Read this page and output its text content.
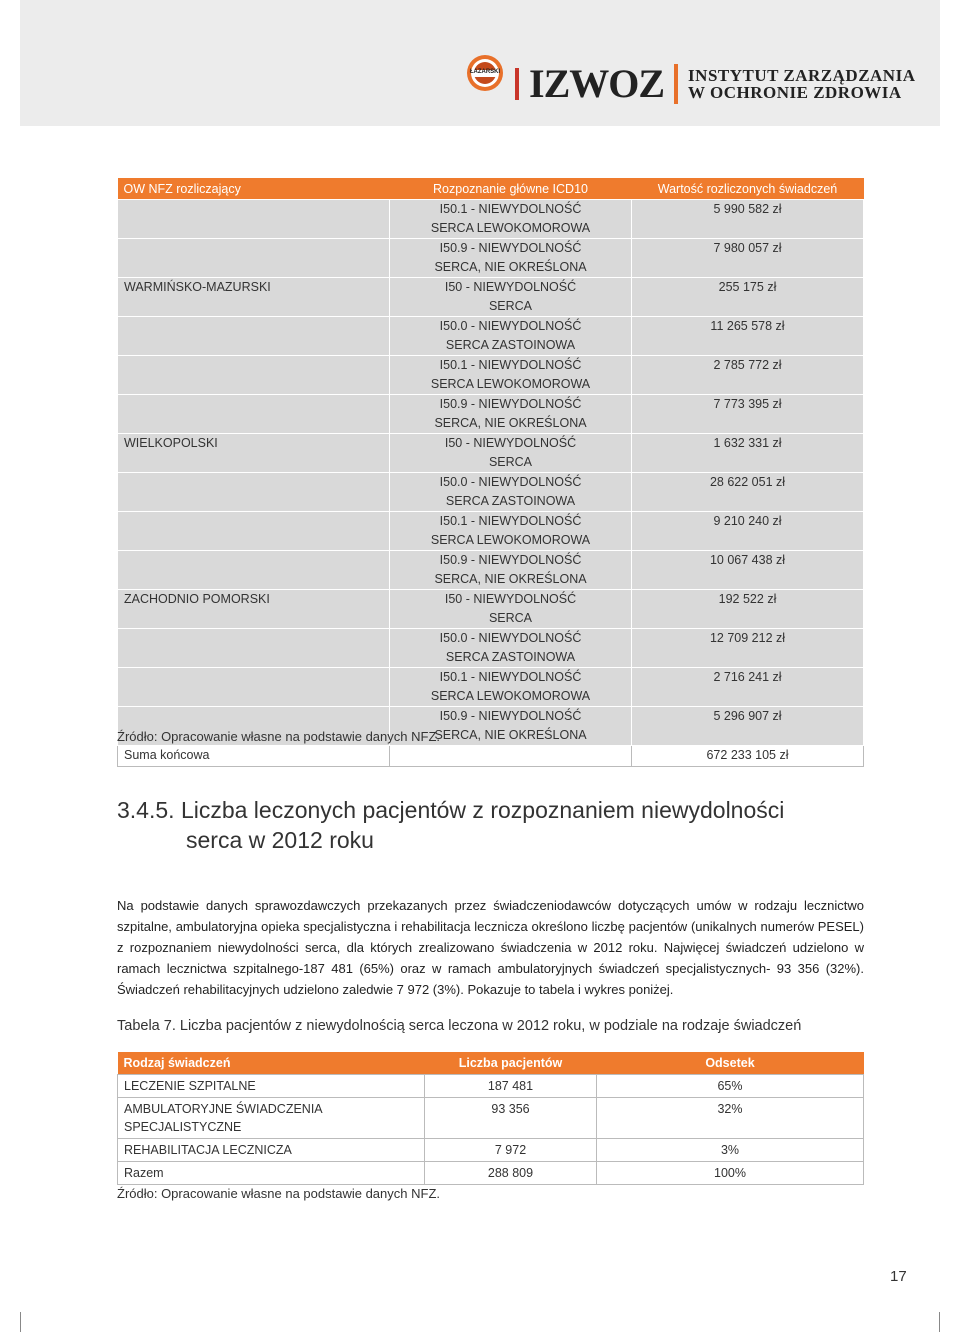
ŁAZARSKI IZWOZ INSTYTUT ZARZĄDZANIA
W OCHRONIE ZDROWIA
OW NFZ rozliczający	Rozpoznanie główne ICD10	Wartość rozliczonych świadczeń
	I50.1 - NIEWYDOLNOŚĆ SERCA LEWOKOMOROWA	5 990 582 zł
	I50.9 - NIEWYDOLNOŚĆ SERCA, NIE OKREŚLONA	7 980 057 zł
WARMIŃSKO-MAZURSKI	I50 - NIEWYDOLNOŚĆ SERCA	255 175 zł
	I50.0 - NIEWYDOLNOŚĆ SERCA ZASTOINOWA	11 265 578 zł
	I50.1 - NIEWYDOLNOŚĆ SERCA LEWOKOMOROWA	2 785 772 zł
	I50.9 - NIEWYDOLNOŚĆ SERCA, NIE OKREŚLONA	7 773 395 zł
WIELKOPOLSKI	I50 - NIEWYDOLNOŚĆ SERCA	1 632 331 zł
	I50.0 - NIEWYDOLNOŚĆ SERCA ZASTOINOWA	28 622 051 zł
	I50.1 - NIEWYDOLNOŚĆ SERCA LEWOKOMOROWA	9 210 240 zł
	I50.9 - NIEWYDOLNOŚĆ SERCA, NIE OKREŚLONA	10 067 438 zł
ZACHODNIO POMORSKI	I50 - NIEWYDOLNOŚĆ SERCA	192 522 zł
	I50.0 - NIEWYDOLNOŚĆ SERCA ZASTOINOWA	12 709 212 zł
	I50.1 - NIEWYDOLNOŚĆ SERCA LEWOKOMOROWA	2 716 241 zł
	I50.9 - NIEWYDOLNOŚĆ SERCA, NIE OKREŚLONA	5 296 907 zł
Suma końcowa		672 233 105 zł
Źródło: Opracowanie własne na podstawie danych NFZ.
3.4.5. Liczba leczonych pacjentów z rozpoznaniem niewydolności
serca w 2012 roku
Na podstawie danych sprawozdawczych przekazanych przez świadczeniodawców dotyczących umów w rodzaju lecznictwo szpitalne, ambulatoryjna opieka specjalistyczna i rehabilitacja lecznicza określono liczbę pacjentów (unikalnych numerów PESEL) z rozpoznaniem niewydolności serca, dla których zrealizowano świadczenia w 2012 roku. Najwięcej świadczeń udzielono w ramach lecznictwa szpitalnego-187 481 (65%) oraz w ramach ambulatoryjnych świadczeń specjalistycznych- 93 356 (32%). Świadczeń rehabilitacyjnych udzielono zaledwie 7 972 (3%). Pokazuje to tabela i wykres poniżej.
Tabela 7. Liczba pacjentów z niewydolnością serca leczona w 2012 roku, w podziale na rodzaje świadczeń
Rodzaj świadczeń	Liczba pacjentów	Odsetek
LECZENIE SZPITALNE	187 481	65%
AMBULATORYJNE ŚWIADCZENIA SPECJALISTYCZNE	93 356	32%
REHABILITACJA LECZNICZA	7 972	3%
Razem	288 809	100%
Źródło: Opracowanie własne na podstawie danych NFZ.
17
